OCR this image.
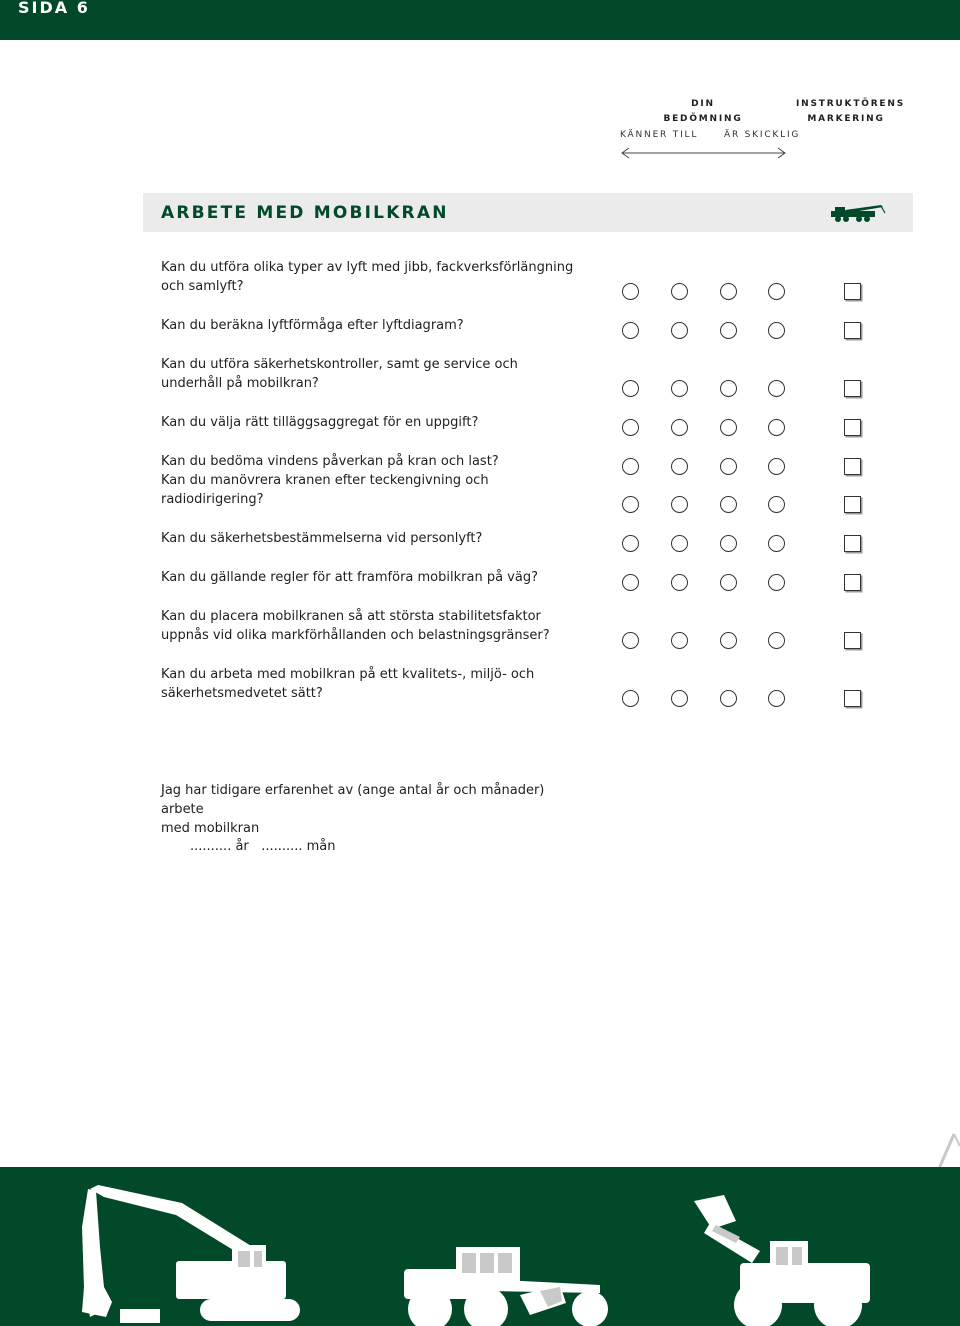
SIDA 6
DIN
BEDÖMNING
INSTRUKTÖRENS
MARKERING
KÄNNER TILL	ÄR SKICKLIG
ARBETE MED MOBILKRAN
Kan du utföra olika typer av lyft med jibb, fackverksförlängning
och samlyft?
Kan du beräkna lyftförmåga efter lyftdiagram?
Kan du utföra säkerhetskontroller, samt ge service och
underhåll på mobilkran?
Kan du välja rätt tilläggsaggregat för en uppgift?
Kan du bedöma vindens påverkan på kran och last?
Kan du manövrera kranen efter teckengivning och radiodirigering?
Kan du säkerhetsbestämmelserna vid personlyft?
Kan du gällande regler för att framföra mobilkran på väg?
Kan du placera mobilkranen så att största stabilitetsfaktor
uppnås vid olika markförhållanden och belastningsgränser?
Kan du arbeta med mobilkran på ett kvalitets-, miljö- och
säkerhetsmedvetet sätt?
Jag har tidigare erfarenhet av (ange antal år och månader) arbete
med mobilkran
.......... år .......... mån
